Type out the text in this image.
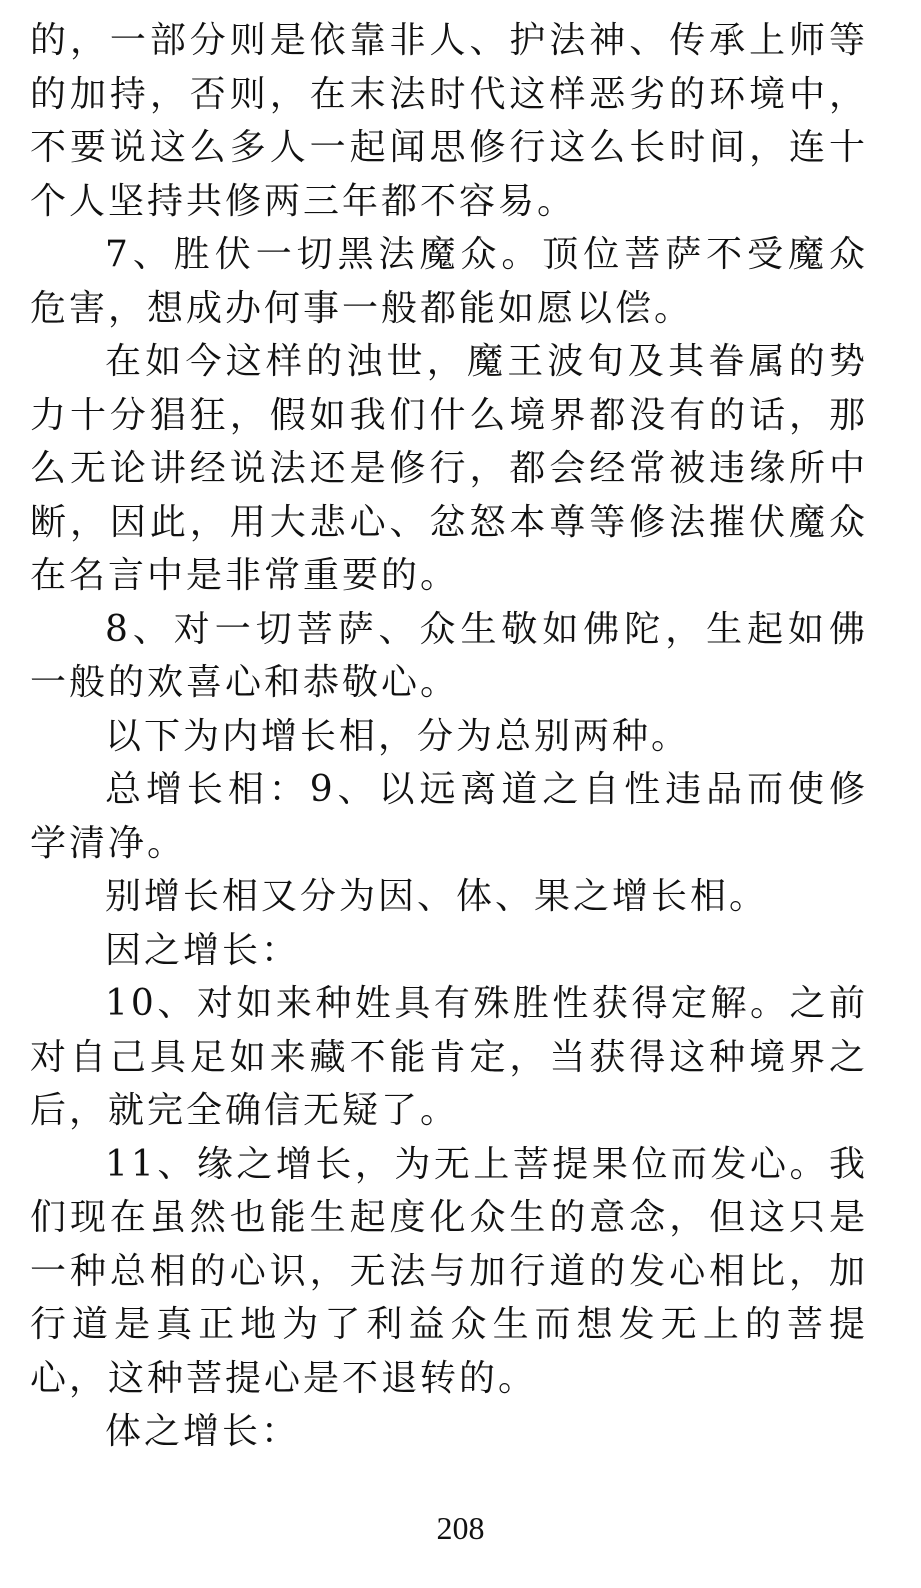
的，一部分则是依靠非人、护法神、传承上师等的加持，否则，在末法时代这样恶劣的环境中，不要说这么多人一起闻思修行这么长时间，连十个人坚持共修两三年都不容易。

7、胜伏一切黑法魔众。顶位菩萨不受魔众危害，想成办何事一般都能如愿以偿。

在如今这样的浊世，魔王波旬及其眷属的势力十分猖狂，假如我们什么境界都没有的话，那么无论讲经说法还是修行，都会经常被违缘所中断，因此，用大悲心、忿怒本尊等修法摧伏魔众在名言中是非常重要的。

8、对一切菩萨、众生敬如佛陀，生起如佛一般的欢喜心和恭敬心。

以下为内增长相，分为总别两种。

总增长相：9、以远离道之自性违品而使修学清净。

别增长相又分为因、体、果之增长相。

因之增长：

10、对如来种姓具有殊胜性获得定解。之前对自己具足如来藏不能肯定，当获得这种境界之后，就完全确信无疑了。

11、缘之增长，为无上菩提果位而发心。我们现在虽然也能生起度化众生的意念，但这只是一种总相的心识，无法与加行道的发心相比，加行道是真正地为了利益众生而想发无上的菩提心，这种菩提心是不退转的。

体之增长：

208
